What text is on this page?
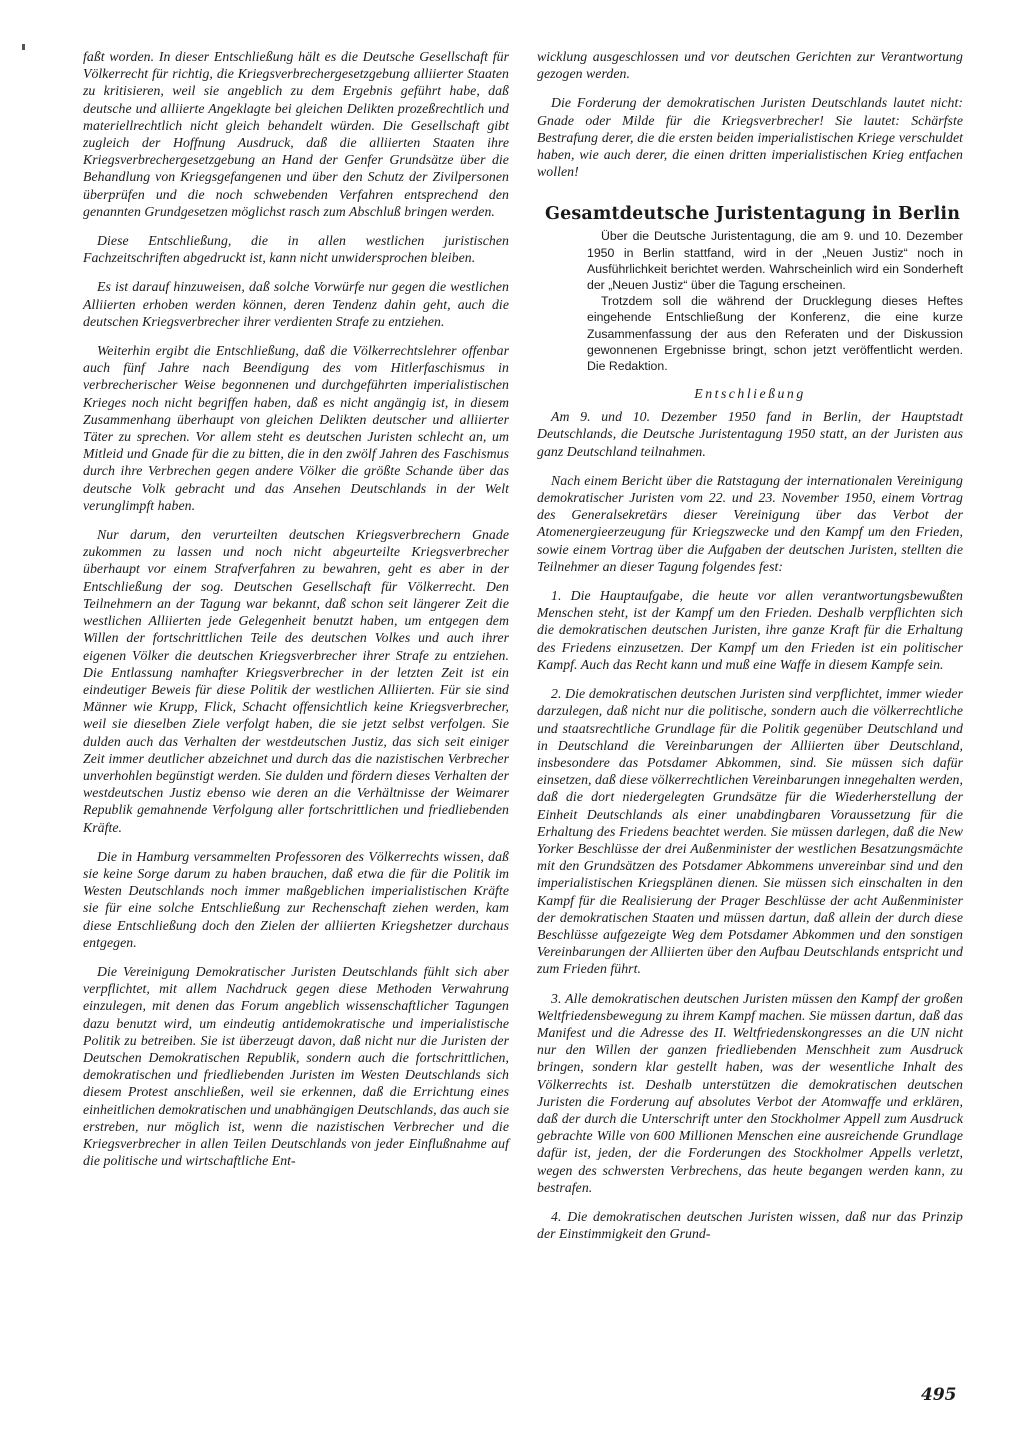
faßt worden. In dieser Entschließung hält es die Deutsche Gesellschaft für Völkerrecht für richtig, die Kriegsverbrechergesetzgebung alliierter Staaten zu kritisieren, weil sie angeblich zu dem Ergebnis geführt habe, daß deutsche und alliierte Angeklagte bei gleichen Delikten prozeßrechtlich und materiellrechtlich nicht gleich behandelt würden. Die Gesellschaft gibt zugleich der Hoffnung Ausdruck, daß die alliierten Staaten ihre Kriegsverbrechergesetzgebung an Hand der Genfer Grundsätze über die Behandlung von Kriegsgefangenen und über den Schutz der Zivilpersonen überprüfen und die noch schwebenden Verfahren entsprechend den genannten Grundgesetzen möglichst rasch zum Abschluß bringen werden.

Diese Entschließung, die in allen westlichen juristischen Fachzeitschriften abgedruckt ist, kann nicht unwidersprochen bleiben.

Es ist darauf hinzuweisen, daß solche Vorwürfe nur gegen die westlichen Alliierten erhoben werden können, deren Tendenz dahin geht, auch die deutschen Kriegsverbrecher ihrer verdienten Strafe zu entziehen.

Weiterhin ergibt die Entschließung, daß die Völkerrechtslehrer offenbar auch fünf Jahre nach Beendigung des vom Hitlerfaschismus in verbrecherischer Weise begonnenen und durchgeführten imperialistischen Krieges noch nicht begriffen haben, daß es nicht angängig ist, in diesem Zusammenhang überhaupt von gleichen Delikten deutscher und alliierter Täter zu sprechen. Vor allem steht es deutschen Juristen schlecht an, um Mitleid und Gnade für die zu bitten, die in den zwölf Jahren des Faschismus durch ihre Verbrechen gegen andere Völker die größte Schande über das deutsche Volk gebracht und das Ansehen Deutschlands in der Welt verunglimpft haben.

Nur darum, den verurteilten deutschen Kriegsverbrechern Gnade zukommen zu lassen und noch nicht abgeurteilte Kriegsverbrecher überhaupt vor einem Strafverfahren zu bewahren, geht es aber in der Entschließung der sog. Deutschen Gesellschaft für Völkerrecht. Den Teilnehmern an der Tagung war bekannt, daß schon seit längerer Zeit die westlichen Alliierten jede Gelegenheit benutzt haben, um entgegen dem Willen der fortschrittlichen Teile des deutschen Volkes und auch ihrer eigenen Völker die deutschen Kriegsverbrecher ihrer Strafe zu entziehen. Die Entlassung namhafter Kriegsverbrecher in der letzten Zeit ist ein eindeutiger Beweis für diese Politik der westlichen Alliierten. Für sie sind Männer wie Krupp, Flick, Schacht offensichtlich keine Kriegsverbrecher, weil sie dieselben Ziele verfolgt haben, die sie jetzt selbst verfolgen. Sie dulden auch das Verhalten der westdeutschen Justiz, das sich seit einiger Zeit immer deutlicher abzeichnet und durch das die nazistischen Verbrecher unverhohlen begünstigt werden. Sie dulden und fördern dieses Verhalten der westdeutschen Justiz ebenso wie deren an die Verhältnisse der Weimarer Republik gemahnende Verfolgung aller fortschrittlichen und friedliebenden Kräfte.

Die in Hamburg versammelten Professoren des Völkerrechts wissen, daß sie keine Sorge darum zu haben brauchen, daß etwa die für die Politik im Westen Deutschlands noch immer maßgeblichen imperialistischen Kräfte sie für eine solche Entschließung zur Rechenschaft ziehen werden, kam diese Entschließung doch den Zielen der alliierten Kriegshetzer durchaus entgegen.

Die Vereinigung Demokratischer Juristen Deutschlands fühlt sich aber verpflichtet, mit allem Nachdruck gegen diese Methoden Verwahrung einzulegen, mit denen das Forum angeblich wissenschaftlicher Tagungen dazu benutzt wird, um eindeutig antidemokratische und imperialistische Politik zu betreiben. Sie ist überzeugt davon, daß nicht nur die Juristen der Deutschen Demokratischen Republik, sondern auch die fortschrittlichen, demokratischen und friedliebenden Juristen im Westen Deutschlands sich diesem Protest anschließen, weil sie erkennen, daß die Errichtung eines einheitlichen demokratischen und unabhängigen Deutschlands, das auch sie erstreben, nur möglich ist, wenn die nazistischen Verbrecher und die Kriegsverbrecher in allen Teilen Deutschlands von jeder Einflußnahme auf die politische und wirtschaftliche Ent-

wicklung ausgeschlossen und vor deutschen Gerichten zur Verantwortung gezogen werden.

Die Forderung der demokratischen Juristen Deutschlands lautet nicht: Gnade oder Milde für die Kriegsverbrecher! Sie lautet: Schärfste Bestrafung derer, die die ersten beiden imperialistischen Kriege verschuldet haben, wie auch derer, die einen dritten imperialistischen Krieg entfachen wollen!

Gesamtdeutsche Juristentagung in Berlin

Über die Deutsche Juristentagung, die am 9. und 10. Dezember 1950 in Berlin stattfand, wird in der „Neuen Justiz“ noch in Ausführlichkeit berichtet werden. Wahrscheinlich wird ein Sonderheft der „Neuen Justiz“ über die Tagung erscheinen.

Trotzdem soll die während der Drucklegung dieses Heftes eingehende Entschließung der Konferenz, die eine kurze Zusammenfassung der aus den Referaten und der Diskussion gewonnenen Ergebnisse bringt, schon jetzt veröffentlicht werden. Die Redaktion.

Entschließung

Am 9. und 10. Dezember 1950 fand in Berlin, der Hauptstadt Deutschlands, die Deutsche Juristentagung 1950 statt, an der Juristen aus ganz Deutschland teilnahmen.

Nach einem Bericht über die Ratstagung der internationalen Vereinigung demokratischer Juristen vom 22. und 23. November 1950, einem Vortrag des Generalsekretärs dieser Vereinigung über das Verbot der Atomenergieerzeugung für Kriegszwecke und den Kampf um den Frieden, sowie einem Vortrag über die Aufgaben der deutschen Juristen, stellten die Teilnehmer an dieser Tagung folgendes fest:

1. Die Hauptaufgabe, die heute vor allen verantwortungsbewußten Menschen steht, ist der Kampf um den Frieden. Deshalb verpflichten sich die demokratischen deutschen Juristen, ihre ganze Kraft für die Erhaltung des Friedens einzusetzen. Der Kampf um den Frieden ist ein politischer Kampf. Auch das Recht kann und muß eine Waffe in diesem Kampfe sein.

2. Die demokratischen deutschen Juristen sind verpflichtet, immer wieder darzulegen, daß nicht nur die politische, sondern auch die völkerrechtliche und staatsrechtliche Grundlage für die Politik gegenüber Deutschland und in Deutschland die Vereinbarungen der Alliierten über Deutschland, insbesondere das Potsdamer Abkommen, sind. Sie müssen sich dafür einsetzen, daß diese völkerrechtlichen Vereinbarungen innegehalten werden, daß die dort niedergelegten Grundsätze für die Wiederherstellung der Einheit Deutschlands als einer unabdingbaren Voraussetzung für die Erhaltung des Friedens beachtet werden. Sie müssen darlegen, daß die New Yorker Beschlüsse der drei Außenminister der westlichen Besatzungsmächte mit den Grundsätzen des Potsdamer Abkommens unvereinbar sind und den imperialistischen Kriegsplänen dienen. Sie müssen sich einschalten in den Kampf für die Realisierung der Prager Beschlüsse der acht Außenminister der demokratischen Staaten und müssen dartun, daß allein der durch diese Beschlüsse aufgezeigte Weg dem Potsdamer Abkommen und den sonstigen Vereinbarungen der Alliierten über den Aufbau Deutschlands entspricht und zum Frieden führt.

3. Alle demokratischen deutschen Juristen müssen den Kampf der großen Weltfriedensbewegung zu ihrem Kampf machen. Sie müssen dartun, daß das Manifest und die Adresse des II. Weltfriedenskongresses an die UN nicht nur den Willen der ganzen friedliebenden Menschheit zum Ausdruck bringen, sondern klar gestellt haben, was der wesentliche Inhalt des Völkerrechts ist. Deshalb unterstützen die demokratischen deutschen Juristen die Forderung auf absolutes Verbot der Atomwaffe und erklären, daß der durch die Unterschrift unter den Stockholmer Appell zum Ausdruck gebrachte Wille von 600 Millionen Menschen eine ausreichende Grundlage dafür ist, jeden, der die Forderungen des Stockholmer Appells verletzt, wegen des schwersten Verbrechens, das heute begangen werden kann, zu bestrafen.

4. Die demokratischen deutschen Juristen wissen, daß nur das Prinzip der Einstimmigkeit den Grund-

495
